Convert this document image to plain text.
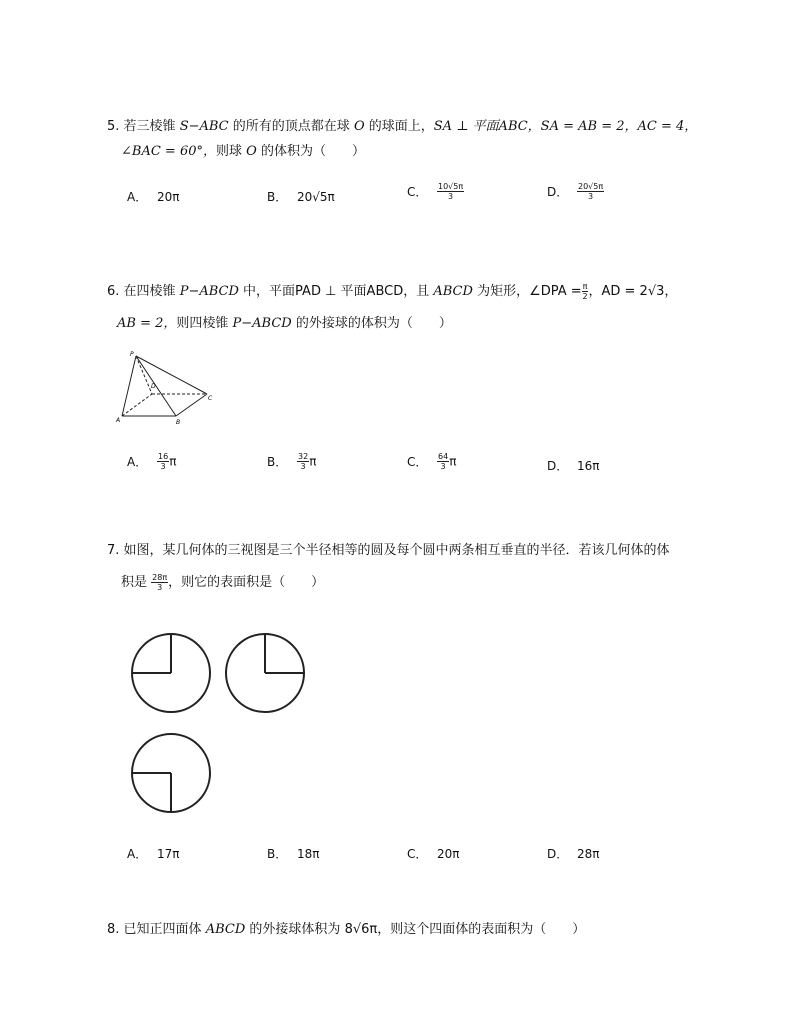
5. 若三棱锥 S−ABC 的所有的顶点都在球 O 的球面上，SA ⊥ 平面ABC，SA = AB = 2，AC = 4，
∠BAC = 60°，则球 O 的体积为（　　）
A． 20π	B． 20√5π	C． $\frac{10√5\pi}{3}$	D． $\frac{20√5\pi}{3}$
6. 在四棱锥 P−ABCD 中，平面PAD ⊥ 平面ABCD，且 ABCD 为矩形，∠DPA = $\frac{\pi}{2}$ ，AD = 2√3，
AB = 2，则四棱锥 P−ABCD 的外接球的体积为（　　）
P
D
C
A	B
A． $\frac{16}{3}$ π	B． $\frac{32}{3}$ π	C． $\frac{64}{3}$ π	D． 16π
7. 如图，某几何体的三视图是三个半径相等的圆及每个圆中两条相互垂直的半径．若该几何体的体
积是 $\frac{28\pi}{3}$ ，则它的表面积是（　　）
A． 17π	B． 18π	C． 20π	D． 28π
8. 已知正四面体 ABCD 的外接球体积为 8√6π，则这个四面体的表面积为（　　）
